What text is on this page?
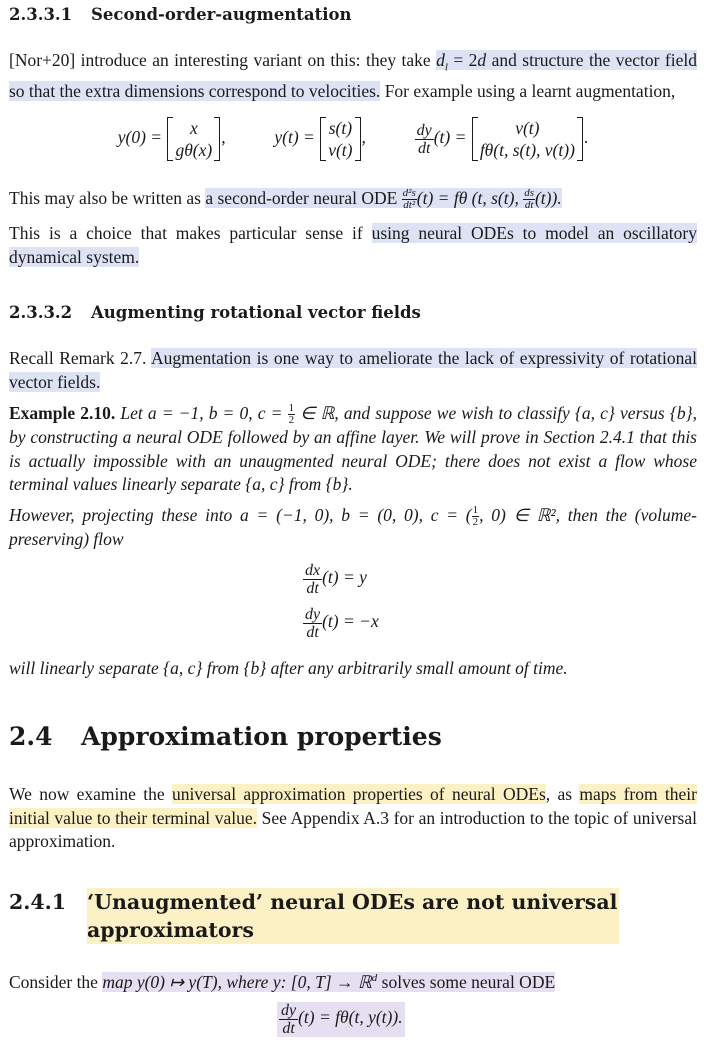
2.3.3.1 Second-order-augmentation

[Nor+20] introduce an interesting variant on this: they take $d_l = 2d$ and structure the vector field so that the extra dimensions correspond to velocities. For example using a learnt augmentation,

y(0) =	x
gθ(x)
,	y(t) = s(t)
v(t)
,	$\frac{dy}{dt} (t)$ =	v(t)
fθ(t, s(t), v(t))
.

This may also be written as a second-order neural ODE $\frac{\text{d²s}}{\text{dt²}} (t) = f\theta$ (t, s(t), $\frac{ds}{dt} (t)$).

This is a choice that makes particular sense if using neural ODEs to model an oscillatory dynamical system.

2.3.3.2 Augmenting rotational vector fields

Recall Remark 2.7. Augmentation is one way to ameliorate the lack of expressivity of rotational vector fields.

Example 2.10. Let a = −1, b = 0, $c = \frac{1}{2}$ ∈ ℝ, and suppose we wish to classify {a, c} versus {b}, by constructing a neural ODE followed by an affine layer. We will prove in Section 2.4.1 that this is actually impossible with an unaugmented neural ODE; there does not exist a flow whose terminal values linearly separate {a, c} from {b}.

However, projecting these into a = (−1, 0), b = (0, 0), c = ( $\frac{1}{2}$ , 0) ∈ ℝ², then the (volume-preserving) flow

$\frac{dx}{dt} (t) = y$
$\frac{dy}{dt} (t) = -x$

will linearly separate {a, c} from {b} after any arbitrarily small amount of time.

2.4 Approximation properties

We now examine the universal approximation properties of neural ODEs, as maps from their initial value to their terminal value. See Appendix A.3 for an introduction to the topic of universal approximation.

2.4.1	‘Unaugmented’ neural ODEs are not universal
approximators

Consider the map y(0) ↦ y(T), where y: [0, T] → ℝ$^d$ solves some neural ODE

$\frac{dy}{dt} (t) = f\theta(t$, y(t)).
